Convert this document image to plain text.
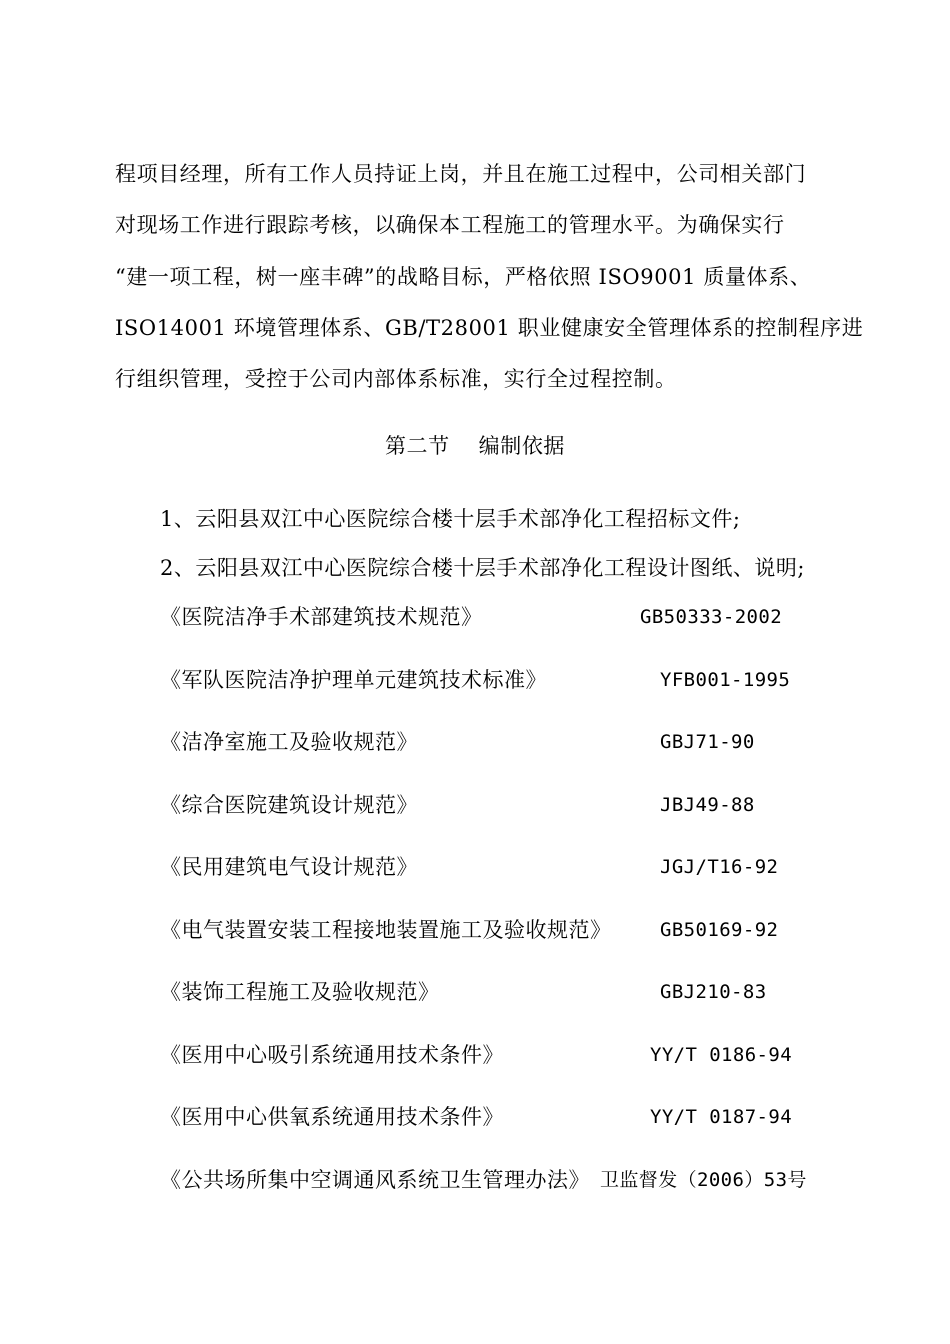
程项目经理，所有工作人员持证上岗，并且在施工过程中，公司相关部门
对现场工作进行跟踪考核，以确保本工程施工的管理水平。为确保实行
“建一项工程，树一座丰碑”的战略目标，严格依照 ISO9001 质量体系、
ISO14001 环境管理体系、GB/T28001 职业健康安全管理体系的控制程序进
行组织管理，受控于公司内部体系标准，实行全过程控制。
第二节　 编制依据
1、云阳县双江中心医院综合楼十层手术部净化工程招标文件;
2、云阳县双江中心医院综合楼十层手术部净化工程设计图纸、说明;
《医院洁净手术部建筑技术规范》	GB50333-2002
《军队医院洁净护理单元建筑技术标准》	YFB001-1995
《洁净室施工及验收规范》	GBJ71-90
《综合医院建筑设计规范》	JBJ49-88
《民用建筑电气设计规范》	JGJ/T16-92
《电气装置安装工程接地装置施工及验收规范》	GB50169-92
《装饰工程施工及验收规范》	GBJ210-83
《医用中心吸引系统通用技术条件》	YY/T 0186-94
《医用中心供氧系统通用技术条件》	YY/T 0187-94
《公共场所集中空调通风系统卫生管理办法》 卫监督发（2006）53号
